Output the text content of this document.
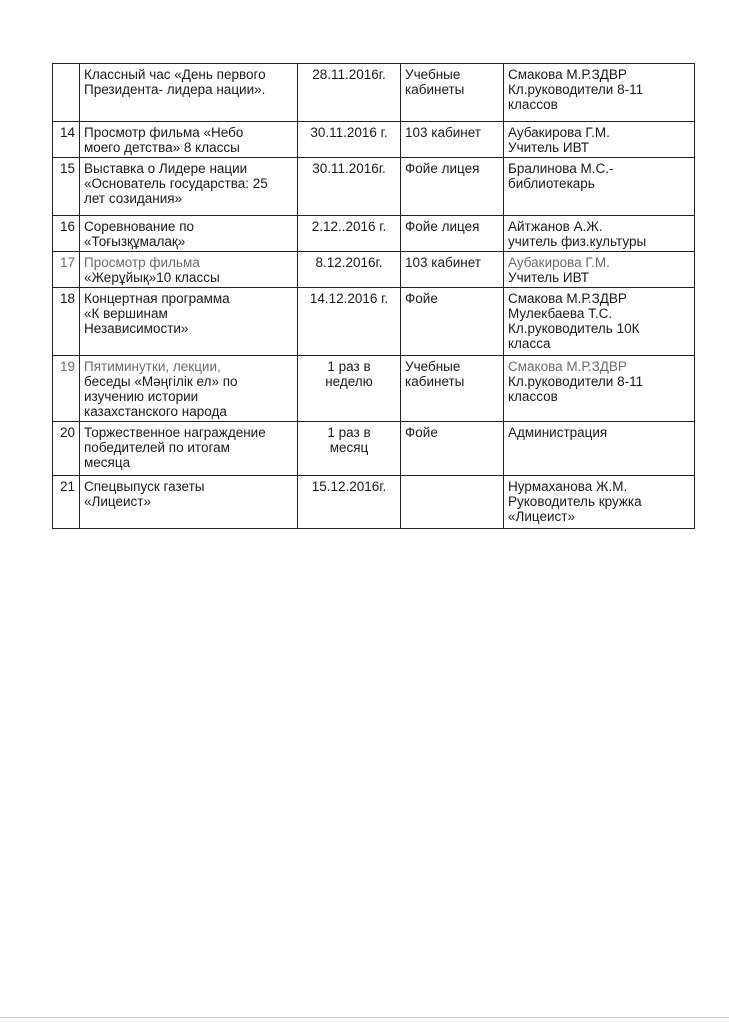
	Классный час «День первого
Президента- лидера нации».	28.11.2016г.	Учебные
кабинеты	Смакова М.Р.ЗДВР
Кл.руководители 8-11
классов

14	Просмотр фильма «Небо
моего детства» 8 классы	30.11.2016 г.	103 кабинет	Аубакирова Г.М.
Учитель ИВТ

15	Выставка о Лидере нации
«Основатель государства: 25
лет созидания»	30.11.2016г.	Фойе лицея	Бралинова М.С.-
библиотекарь

16	Соревнование по
«Тоғызқұмалақ»	2.12..2016 г.	Фойе лицея	Айтжанов А.Ж.
учитель физ.культуры

17	Просмотр фильма
«Жерұйық»10 классы	8.12.2016г.	103 кабинет	Аубакирова Г.М.
Учитель ИВТ

18	Концертная программа
«К вершинам
Независимости»	14.12.2016 г.	Фойе	Смакова М.Р.ЗДВР
Мулекбаева Т.С.
Кл.руководитель 10К
класса

19	Пятиминутки, лекции,
беседы «Мәңгілік ел» по
изучению истории
казахстанского народа	1 раз в
неделю	Учебные
кабинеты	Смакова М.Р.ЗДВР
Кл.руководители 8-11
классов

20	Торжественное награждение
победителей по итогам
месяца	1 раз в
месяц	Фойе	Администрация

21	Спецвыпуск газеты
«Лицеист»	15.12.2016г.		Нурмаханова Ж.М.
Руководитель кружка
«Лицеист»
